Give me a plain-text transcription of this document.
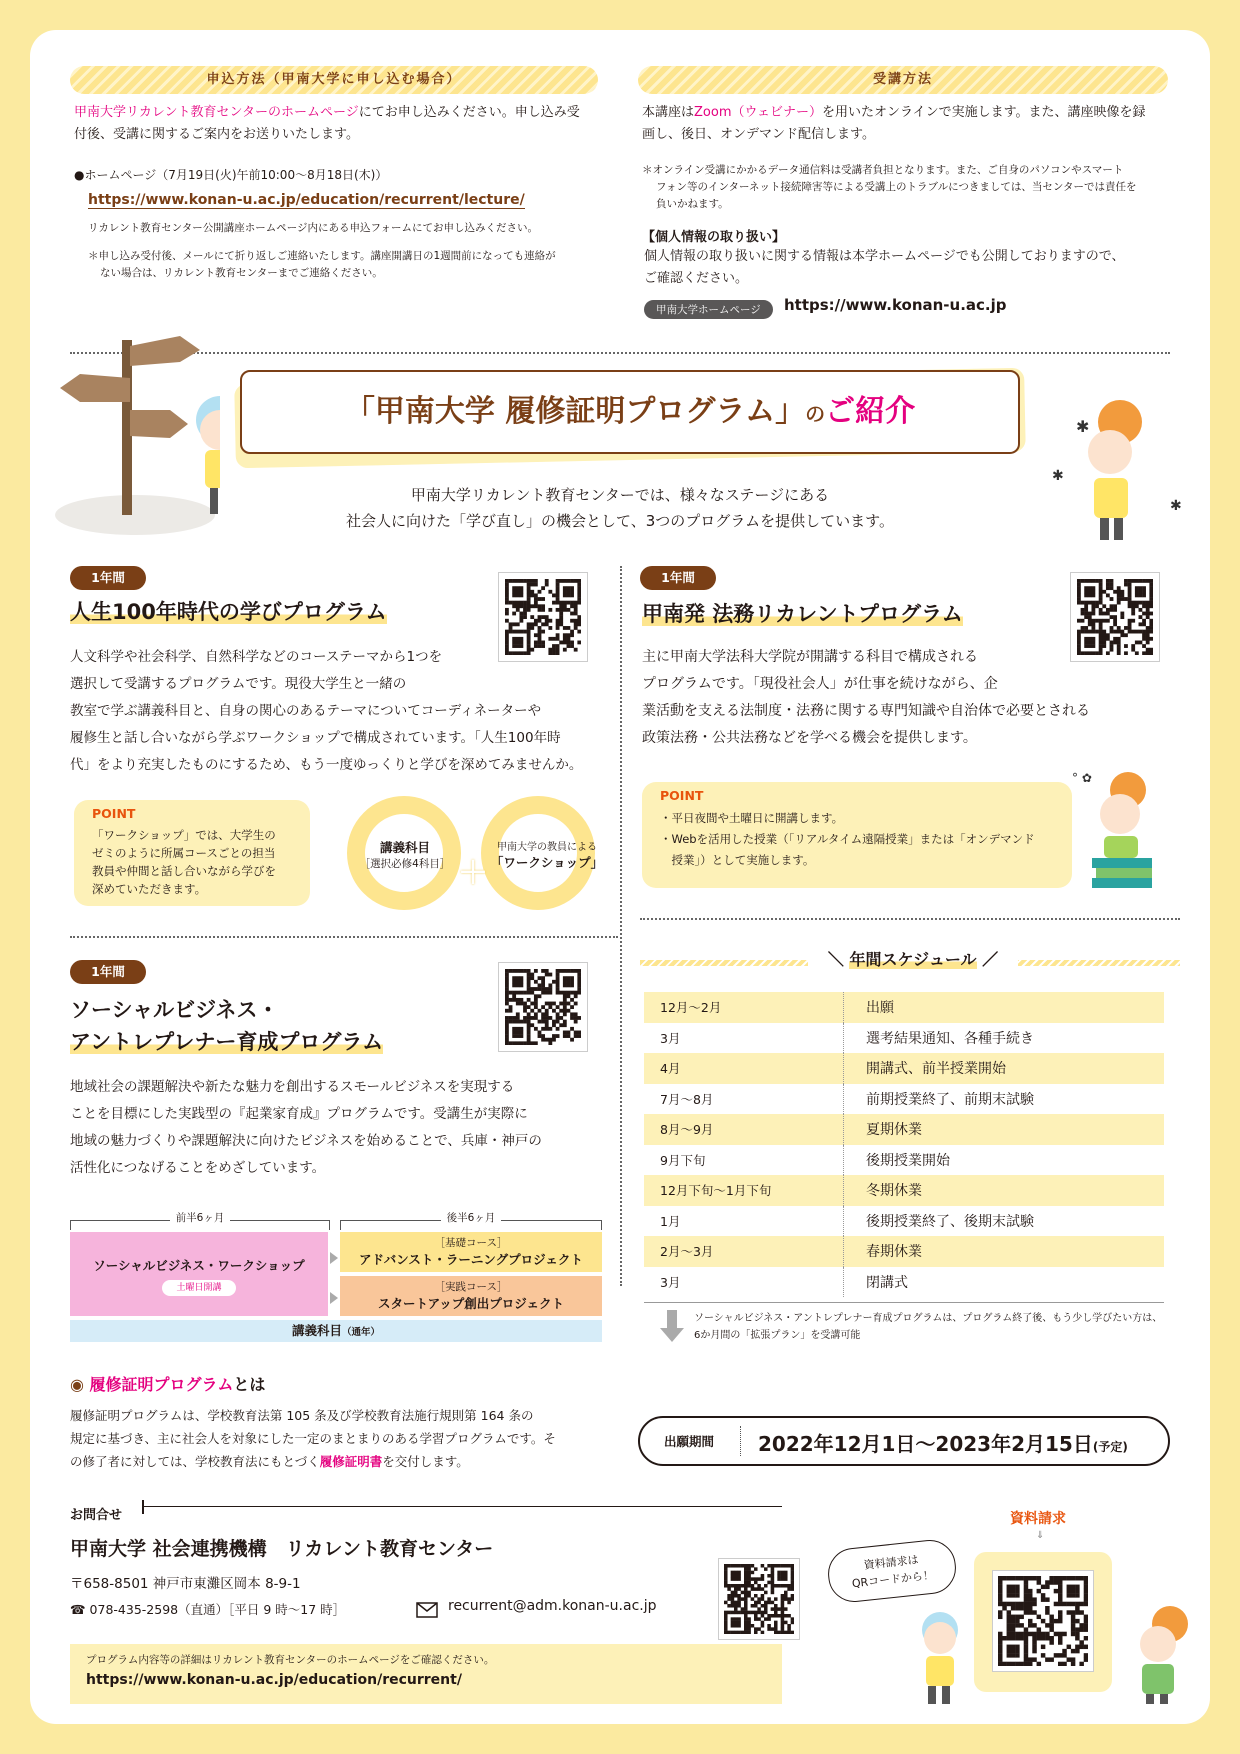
申込方法（甲南大学に申し込む場合）
甲南大学リカレント教育センターのホームページにてお申し込みください。申し込み受
付後、受講に関するご案内をお送りいたします。
●ホームページ（7月19日(火)午前10:00～8月18日(木)）
https://www.konan-u.ac.jp/education/recurrent/lecture/
リカレント教育センター公開講座ホームページ内にある申込フォームにてお申し込みください。
＊申し込み受付後、メールにて折り返しご連絡いたします。講座開講日の1週間前になっても連絡が
ない場合は、リカレント教育センターまでご連絡ください。
受講方法
本講座はZoom（ウェビナー）を用いたオンラインで実施します。また、講座映像を録
画し、後日、オンデマンド配信します。
＊オンライン受講にかかるデータ通信料は受講者負担となります。また、ご自身のパソコンやスマート
フォン等のインターネット接続障害等による受講上のトラブルにつきましては、当センターでは責任を
負いかねます。
【個人情報の取り扱い】
個人情報の取り扱いに関する情報は本学ホームページでも公開しておりますので、
ご確認ください。
甲南大学ホームページ	https://www.konan-u.ac.jp
「甲南大学 履修証明プログラム」のご紹介	✱
✱
✱
甲南大学リカレント教育センターでは、様々なステージにある
社会人に向けた「学び直し」の機会として、3つのプログラムを提供しています。
1年間
人生100年時代の学びプログラム
人文科学や社会科学、自然科学などのコーステーマから1つを
選択して受講するプログラムです。現役大学生と一緒の
教室で学ぶ講義科目と、自身の関心のあるテーマについてコーディネーターや
履修生と話し合いながら学ぶワークショップで構成されています。「人生100年時
代」をより充実したものにするため、もう一度ゆっくりと学びを深めてみませんか。
POINT
「ワークショップ」では、大学生の
ゼミのように所属コースごとの担当
教員や仲間と話し合いながら学びを
深めていただきます。
講義科目
［選択必修4科目］ ＋
甲南大学の教員による
「ワークショップ」
1年間
甲南発 法務リカレントプログラム
主に甲南大学法科大学院が開講する科目で構成される
プログラムです。「現役社会人」が仕事を続けながら、企
業活動を支える法制度・法務に関する専門知識や自治体で必要とされる
政策法務・公共法務などを学べる機会を提供します。
POINT
・平日夜間や土曜日に開講します。
・Webを活用した授業（「リアルタイム遠隔授業」または「オンデマンド
　授業」）として実施します。
° ✿
1年間
ソーシャルビジネス・
アントレプレナー育成プログラム
地域社会の課題解決や新たな魅力を創出するスモールビジネスを実現する
ことを目標にした実践型の『起業家育成』プログラムです。受講生が実際に
地域の魅力づくりや課題解決に向けたビジネスを始めることで、兵庫・神戸の
活性化につなげることをめざしています。
前半6ヶ月	後半6ヶ月
ソーシャルビジネス・ワークショップ
土曜日開講
［基礎コース］
アドバンスト・ラーニングプロジェクト
［実践コース］
スタートアップ創出プロジェクト
講義科目（通年）
＼ 年間スケジュール ／
12月～2月	出願
3月	選考結果通知、各種手続き
4月	開講式、前半授業開始
7月～8月	前期授業終了、前期末試験
8月～9月	夏期休業
9月下旬	後期授業開始
12月下旬～1月下旬	冬期休業
1月	後期授業終了、後期末試験
2月～3月	春期休業
3月	閉講式
ソーシャルビジネス・アントレプレナー育成プログラムは、プログラム終了後、もう少し学びたい方は、
6か月間の「拡張プラン」を受講可能
◉ 履修証明プログラムとは
履修証明プログラムは、学校教育法第 105 条及び学校教育法施行規則第 164 条の
規定に基づき、主に社会人を対象にした一定のまとまりのある学習プログラムです。そ
の修了者に対しては、学校教育法にもとづく履修証明書を交付します。
出願期間 2022年12月1日～2023年2月15日(予定)
お問合せ
甲南大学 社会連携機構　リカレント教育センター
〒658-8501 神戸市東灘区岡本 8-9-1
☎ 078-435-2598（直通）［平日 9 時～17 時］	recurrent@adm.konan-u.ac.jp
プログラム内容等の詳細はリカレント教育センターのホームページをご確認ください。
https://www.konan-u.ac.jp/education/recurrent/
資料請求
⇓
資料請求は
QRコードから！
